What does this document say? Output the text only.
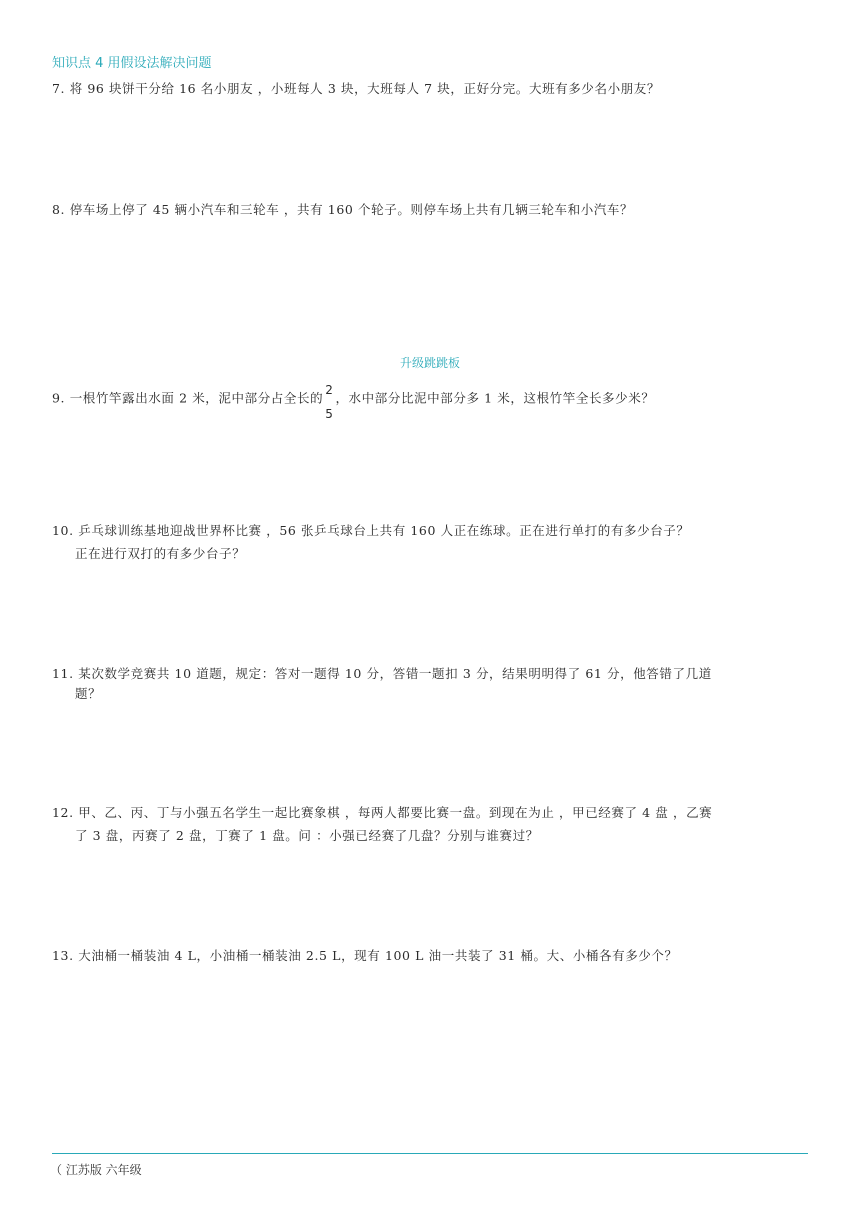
知识点 4 用假设法解决问题
7. 将 96 块饼干分给 16 名小朋友 ，小班每人 3 块，大班每人 7 块，正好分完。大班有多少名小朋友？
8. 停车场上停了 45 辆小汽车和三轮车 ，共有 160 个轮子。则停车场上共有几辆三轮车和小汽车？
升级跳跳板
9. 一根竹竿露出水面 2 米，泥中部分占全长的
2
5
，水中部分比泥中部分多 1 米，这根竹竿全长多少米？
10. 乒乓球训练基地迎战世界杯比赛 ，56 张乒乓球台上共有 160 人正在练球。正在进行单打的有多少台子？
正在进行双打的有多少台子？
11. 某次数学竞赛共 10 道题，规定：答对一题得 10 分，答错一题扣 3 分，结果明明得了 61 分，他答错了几道
题？
12. 甲、乙、丙、丁与小强五名学生一起比赛象棋 ，每两人都要比赛一盘。到现在为止 ，甲已经赛了 4 盘 ，乙赛
了 3 盘，丙赛了 2 盘，丁赛了 1 盘。问 ：小强已经赛了几盘？分别与谁赛过？
13. 大油桶一桶装油 4 L，小油桶一桶装油 2.5 L，现有 100 L 油一共装了 31 桶。大、小桶各有多少个？
（ 江苏版 六年级
